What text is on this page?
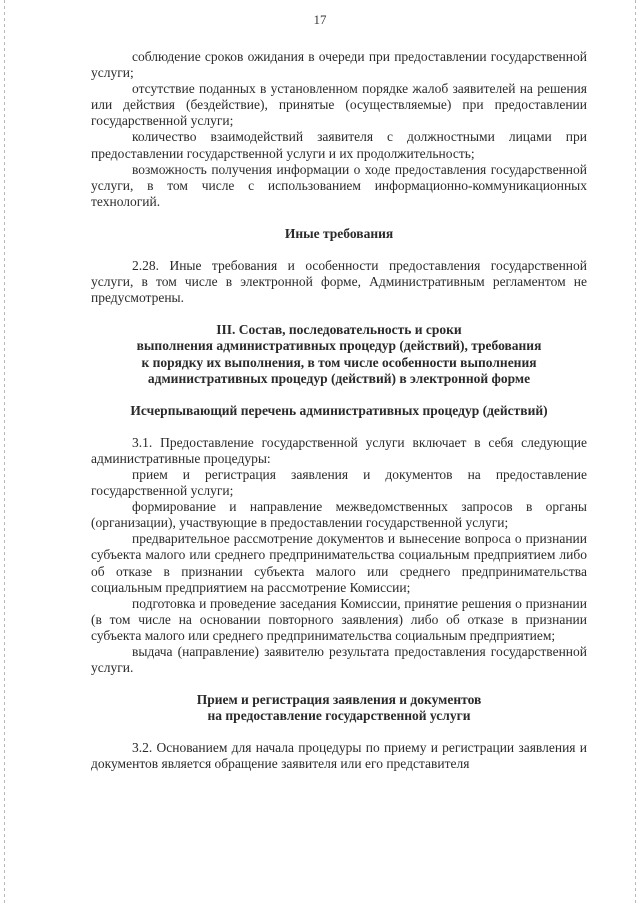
17

соблюдение сроков ожидания в очереди при предоставлении государственной услуги;

отсутствие поданных в установленном порядке жалоб заявителей на решения или действия (бездействие), принятые (осуществляемые) при предоставлении государственной услуги;

количество взаимодействий заявителя с должностными лицами при предоставлении государственной услуги и их продолжительность;

возможность получения информации о ходе предоставления государственной услуги, в том числе с использованием информационно-коммуникационных технологий.

Иные требования

2.28. Иные требования и особенности предоставления государственной услуги, в том числе в электронной форме, Административным регламентом не предусмотрены.

III. Состав, последовательность и сроки

выполнения административных процедур (действий), требования

к порядку их выполнения, в том числе особенности выполнения

административных процедур (действий) в электронной форме

Исчерпывающий перечень административных процедур (действий)

3.1. Предоставление государственной услуги включает в себя следующие административные процедуры:

прием и регистрация заявления и документов на предоставление государственной услуги;

формирование и направление межведомственных запросов в органы (организации), участвующие в предоставлении государственной услуги;

предварительное рассмотрение документов и вынесение вопроса о признании субъекта малого или среднего предпринимательства социальным предприятием либо об отказе в признании субъекта малого или среднего предпринимательства социальным предприятием на рассмотрение Комиссии;

подготовка и проведение заседания Комиссии, принятие решения о признании (в том числе на основании повторного заявления) либо об отказе в признании субъекта малого или среднего предпринимательства социальным предприятием;

выдача (направление) заявителю результата предоставления государственной услуги.

Прием и регистрация заявления и документов

на предоставление государственной услуги

3.2. Основанием для начала процедуры по приему и регистрации заявления и документов является обращение заявителя или его представителя
